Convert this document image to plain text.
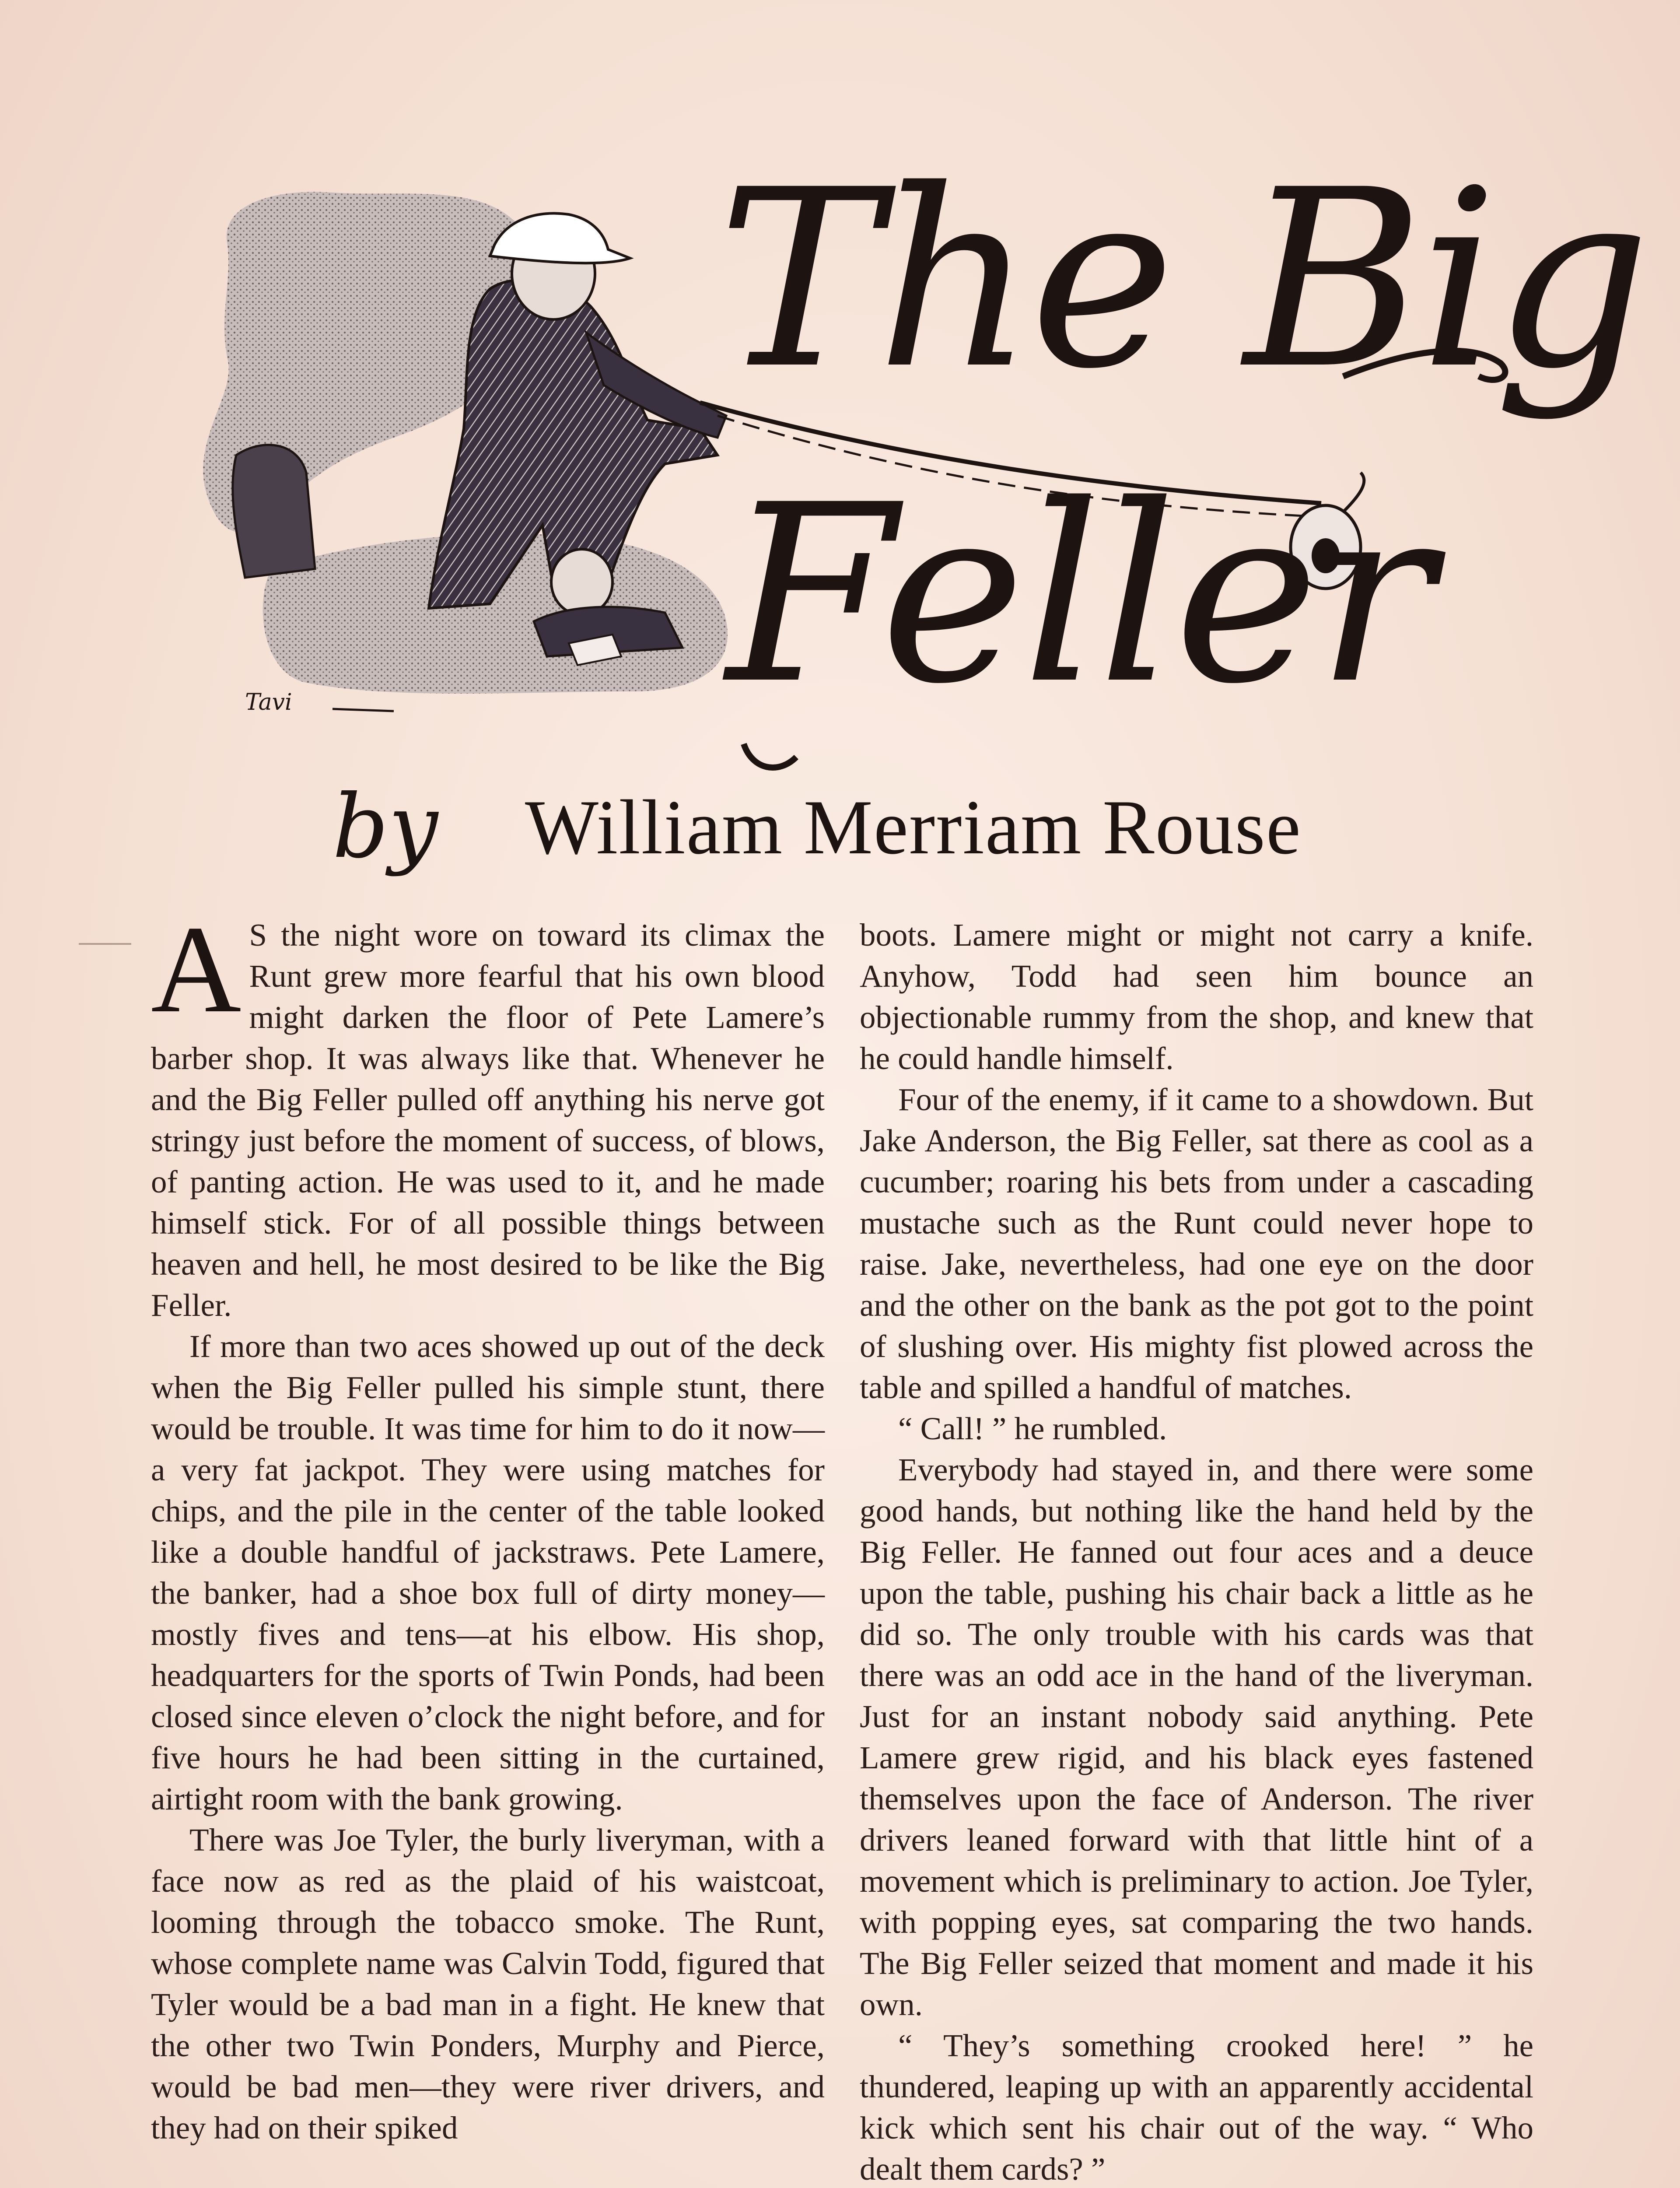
The Big
Feller
Tavi
by	William Merriam Rouse
A S the night wore on toward its climax the Runt grew more fearful that his own blood might darken the floor of Pete Lamere’s barber shop. It was always like that. Whenever he and the Big Feller pulled off anything his nerve got stringy just before the moment of success, of blows, of panting action. He was used to it, and he made himself stick. For of all possible things between heaven and hell, he most desired to be like the Big Feller.

If more than two aces showed up out of the deck when the Big Feller pulled his simple stunt, there would be trouble. It was time for him to do it now—a very fat jackpot. They were using matches for chips, and the pile in the center of the table looked like a double handful of jackstraws. Pete Lamere, the banker, had a shoe box full of dirty money—mostly fives and tens—at his elbow. His shop, headquarters for the sports of Twin Ponds, had been closed since eleven o’clock the night before, and for five hours he had been sitting in the curtained, airtight room with the bank growing.

There was Joe Tyler, the burly liveryman, with a face now as red as the plaid of his waistcoat, looming through the tobacco smoke. The Runt, whose complete name was Calvin Todd, figured that Tyler would be a bad man in a fight. He knew that the other two Twin Ponders, Murphy and Pierce, would be bad men—they were river drivers, and they had on their spiked

boots. Lamere might or might not carry a knife. Anyhow, Todd had seen him bounce an objectionable rummy from the shop, and knew that he could handle himself.

Four of the enemy, if it came to a showdown. But Jake Anderson, the Big Feller, sat there as cool as a cucumber; roaring his bets from under a cascading mustache such as the Runt could never hope to raise. Jake, nevertheless, had one eye on the door and the other on the bank as the pot got to the point of slushing over. His mighty fist plowed across the table and spilled a handful of matches.

“ Call! ” he rumbled.

Everybody had stayed in, and there were some good hands, but nothing like the hand held by the Big Feller. He fanned out four aces and a deuce upon the table, pushing his chair back a little as he did so. The only trouble with his cards was that there was an odd ace in the hand of the liveryman. Just for an instant nobody said anything. Pete Lamere grew rigid, and his black eyes fastened themselves upon the face of Anderson. The river drivers leaned forward with that little hint of a movement which is preliminary to action. Joe Tyler, with popping eyes, sat comparing the two hands. The Big Feller seized that moment and made it his own.

“ They’s something crooked here! ” he thundered, leaping up with an apparently accidental kick which sent his chair out of the way. “ Who dealt them cards? ”
